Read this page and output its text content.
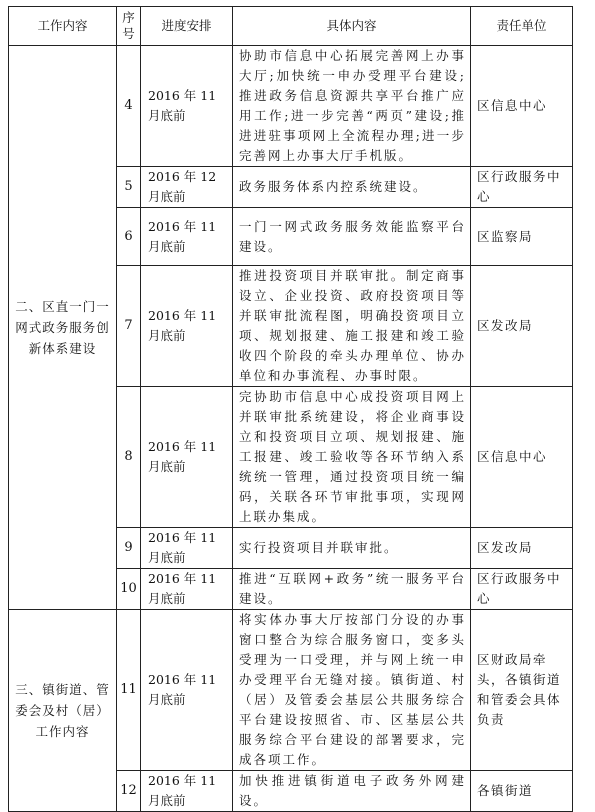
工作内容	序号	进度安排	具体内容	责任单位
二、区直一门一网式政务服务创新体系建设	4	2016 年 11 月底前	协助市信息中心拓展完善网上办事大厅;加快统一申办受理平台建设;推进政务信息资源共享平台推广应用工作;进一步完善“两页”建设;推进进驻事项网上全流程办理;进一步完善网上办事大厅手机版。	区信息中心
	5	2016 年 12 月底前	政务服务体系内控系统建设。	区行政服务中心
	6	2016 年 11 月底前	一门一网式政务服务效能监察平台建设。	区监察局
	7	2016 年 11 月底前	推进投资项目并联审批。制定商事设立、企业投资、政府投资项目等并联审批流程图，明确投资项目立项、规划报建、施工报建和竣工验收四个阶段的牵头办理单位、协办单位和办事流程、办事时限。	区发改局
	8	2016 年 11 月底前	完协助市信息中心成投资项目网上并联审批系统建设，将企业商事设立和投资项目立项、规划报建、施工报建、竣工验收等各环节纳入系统统一管理，通过投资项目统一编码，关联各环节审批事项，实现网上联办集成。	区信息中心
	9	2016 年 11 月底前	实行投资项目并联审批。	区发改局
	10	2016 年 11 月底前	推进“互联网+政务”统一服务平台建设。	区行政服务中心
三、镇街道、管委会及村（居）工作内容	11	2016 年 11 月底前	将实体办事大厅按部门分设的办事窗口整合为综合服务窗口，变多头受理为一口受理，并与网上统一申办受理平台无缝对接。镇街道、村（居）及管委会基层公共服务综合平台建设按照省、市、区基层公共服务综合平台建设的部署要求，完成各项工作。	区财政局牵头，各镇街道和管委会具体负责
	12	2016 年 11 月底前	加快推进镇街道电子政务外网建设。	各镇街道
